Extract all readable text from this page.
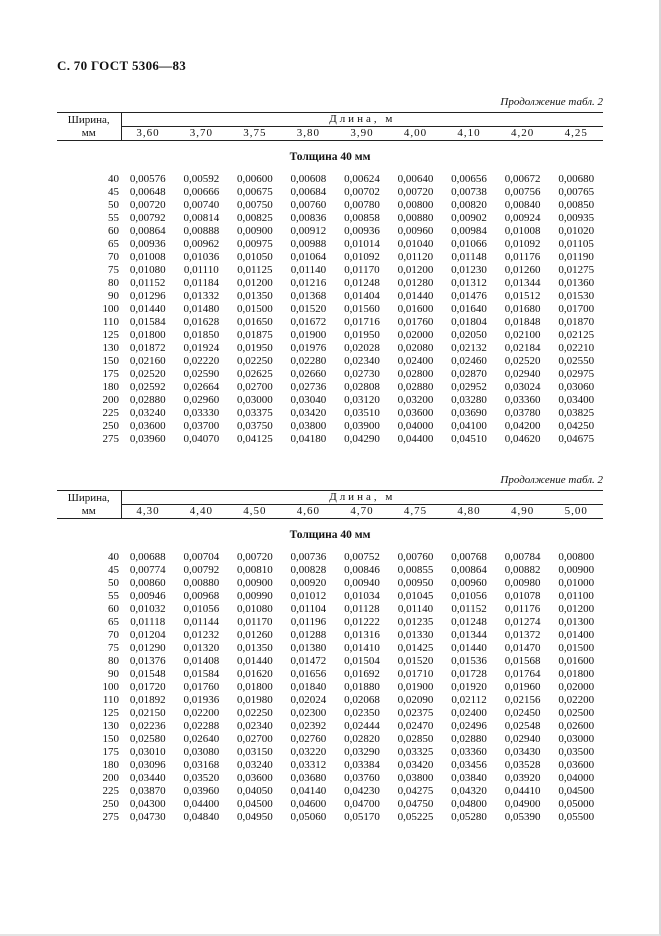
С. 70 ГОСТ 5306—83
Продолжение табл. 2
Ширина,
мм	Длина, м								
	3,60	3,70	3,75	3,80	3,90	4,00	4,10	4,20	4,25
Толщина 40 мм									
40	0,00576	0,00592	0,00600	0,00608	0,00624	0,00640	0,00656	0,00672	0,00680
45	0,00648	0,00666	0,00675	0,00684	0,00702	0,00720	0,00738	0,00756	0,00765
50	0,00720	0,00740	0,00750	0,00760	0,00780	0,00800	0,00820	0,00840	0,00850
55	0,00792	0,00814	0,00825	0,00836	0,00858	0,00880	0,00902	0,00924	0,00935
60	0,00864	0,00888	0,00900	0,00912	0,00936	0,00960	0,00984	0,01008	0,01020
65	0,00936	0,00962	0,00975	0,00988	0,01014	0,01040	0,01066	0,01092	0,01105
70	0,01008	0,01036	0,01050	0,01064	0,01092	0,01120	0,01148	0,01176	0,01190
75	0,01080	0,01110	0,01125	0,01140	0,01170	0,01200	0,01230	0,01260	0,01275
80	0,01152	0,01184	0,01200	0,01216	0,01248	0,01280	0,01312	0,01344	0,01360
90	0,01296	0,01332	0,01350	0,01368	0,01404	0,01440	0,01476	0,01512	0,01530
100	0,01440	0,01480	0,01500	0,01520	0,01560	0,01600	0,01640	0,01680	0,01700
110	0,01584	0,01628	0,01650	0,01672	0,01716	0,01760	0,01804	0,01848	0,01870
125	0,01800	0,01850	0,01875	0,01900	0,01950	0,02000	0,02050	0,02100	0,02125
130	0,01872	0,01924	0,01950	0,01976	0,02028	0,02080	0,02132	0,02184	0,02210
150	0,02160	0,02220	0,02250	0,02280	0,02340	0,02400	0,02460	0,02520	0,02550
175	0,02520	0,02590	0,02625	0,02660	0,02730	0,02800	0,02870	0,02940	0,02975
180	0,02592	0,02664	0,02700	0,02736	0,02808	0,02880	0,02952	0,03024	0,03060
200	0,02880	0,02960	0,03000	0,03040	0,03120	0,03200	0,03280	0,03360	0,03400
225	0,03240	0,03330	0,03375	0,03420	0,03510	0,03600	0,03690	0,03780	0,03825
250	0,03600	0,03700	0,03750	0,03800	0,03900	0,04000	0,04100	0,04200	0,04250
275	0,03960	0,04070	0,04125	0,04180	0,04290	0,04400	0,04510	0,04620	0,04675
Продолжение табл. 2
Ширина,
мм	Длина, м								
	4,30	4,40	4,50	4,60	4,70	4,75	4,80	4,90	5,00
Толщина 40 мм									
40	0,00688	0,00704	0,00720	0,00736	0,00752	0,00760	0,00768	0,00784	0,00800
45	0,00774	0,00792	0,00810	0,00828	0,00846	0,00855	0,00864	0,00882	0,00900
50	0,00860	0,00880	0,00900	0,00920	0,00940	0,00950	0,00960	0,00980	0,01000
55	0,00946	0,00968	0,00990	0,01012	0,01034	0,01045	0,01056	0,01078	0,01100
60	0,01032	0,01056	0,01080	0,01104	0,01128	0,01140	0,01152	0,01176	0,01200
65	0,01118	0,01144	0,01170	0,01196	0,01222	0,01235	0,01248	0,01274	0,01300
70	0,01204	0,01232	0,01260	0,01288	0,01316	0,01330	0,01344	0,01372	0,01400
75	0,01290	0,01320	0,01350	0,01380	0,01410	0,01425	0,01440	0,01470	0,01500
80	0,01376	0,01408	0,01440	0,01472	0,01504	0,01520	0,01536	0,01568	0,01600
90	0,01548	0,01584	0,01620	0,01656	0,01692	0,01710	0,01728	0,01764	0,01800
100	0,01720	0,01760	0,01800	0,01840	0,01880	0,01900	0,01920	0,01960	0,02000
110	0,01892	0,01936	0,01980	0,02024	0,02068	0,02090	0,02112	0,02156	0,02200
125	0,02150	0,02200	0,02250	0,02300	0,02350	0,02375	0,02400	0,02450	0,02500
130	0,02236	0,02288	0,02340	0,02392	0,02444	0,02470	0,02496	0,02548	0,02600
150	0,02580	0,02640	0,02700	0,02760	0,02820	0,02850	0,02880	0,02940	0,03000
175	0,03010	0,03080	0,03150	0,03220	0,03290	0,03325	0,03360	0,03430	0,03500
180	0,03096	0,03168	0,03240	0,03312	0,03384	0,03420	0,03456	0,03528	0,03600
200	0,03440	0,03520	0,03600	0,03680	0,03760	0,03800	0,03840	0,03920	0,04000
225	0,03870	0,03960	0,04050	0,04140	0,04230	0,04275	0,04320	0,04410	0,04500
250	0,04300	0,04400	0,04500	0,04600	0,04700	0,04750	0,04800	0,04900	0,05000
275	0,04730	0,04840	0,04950	0,05060	0,05170	0,05225	0,05280	0,05390	0,05500
